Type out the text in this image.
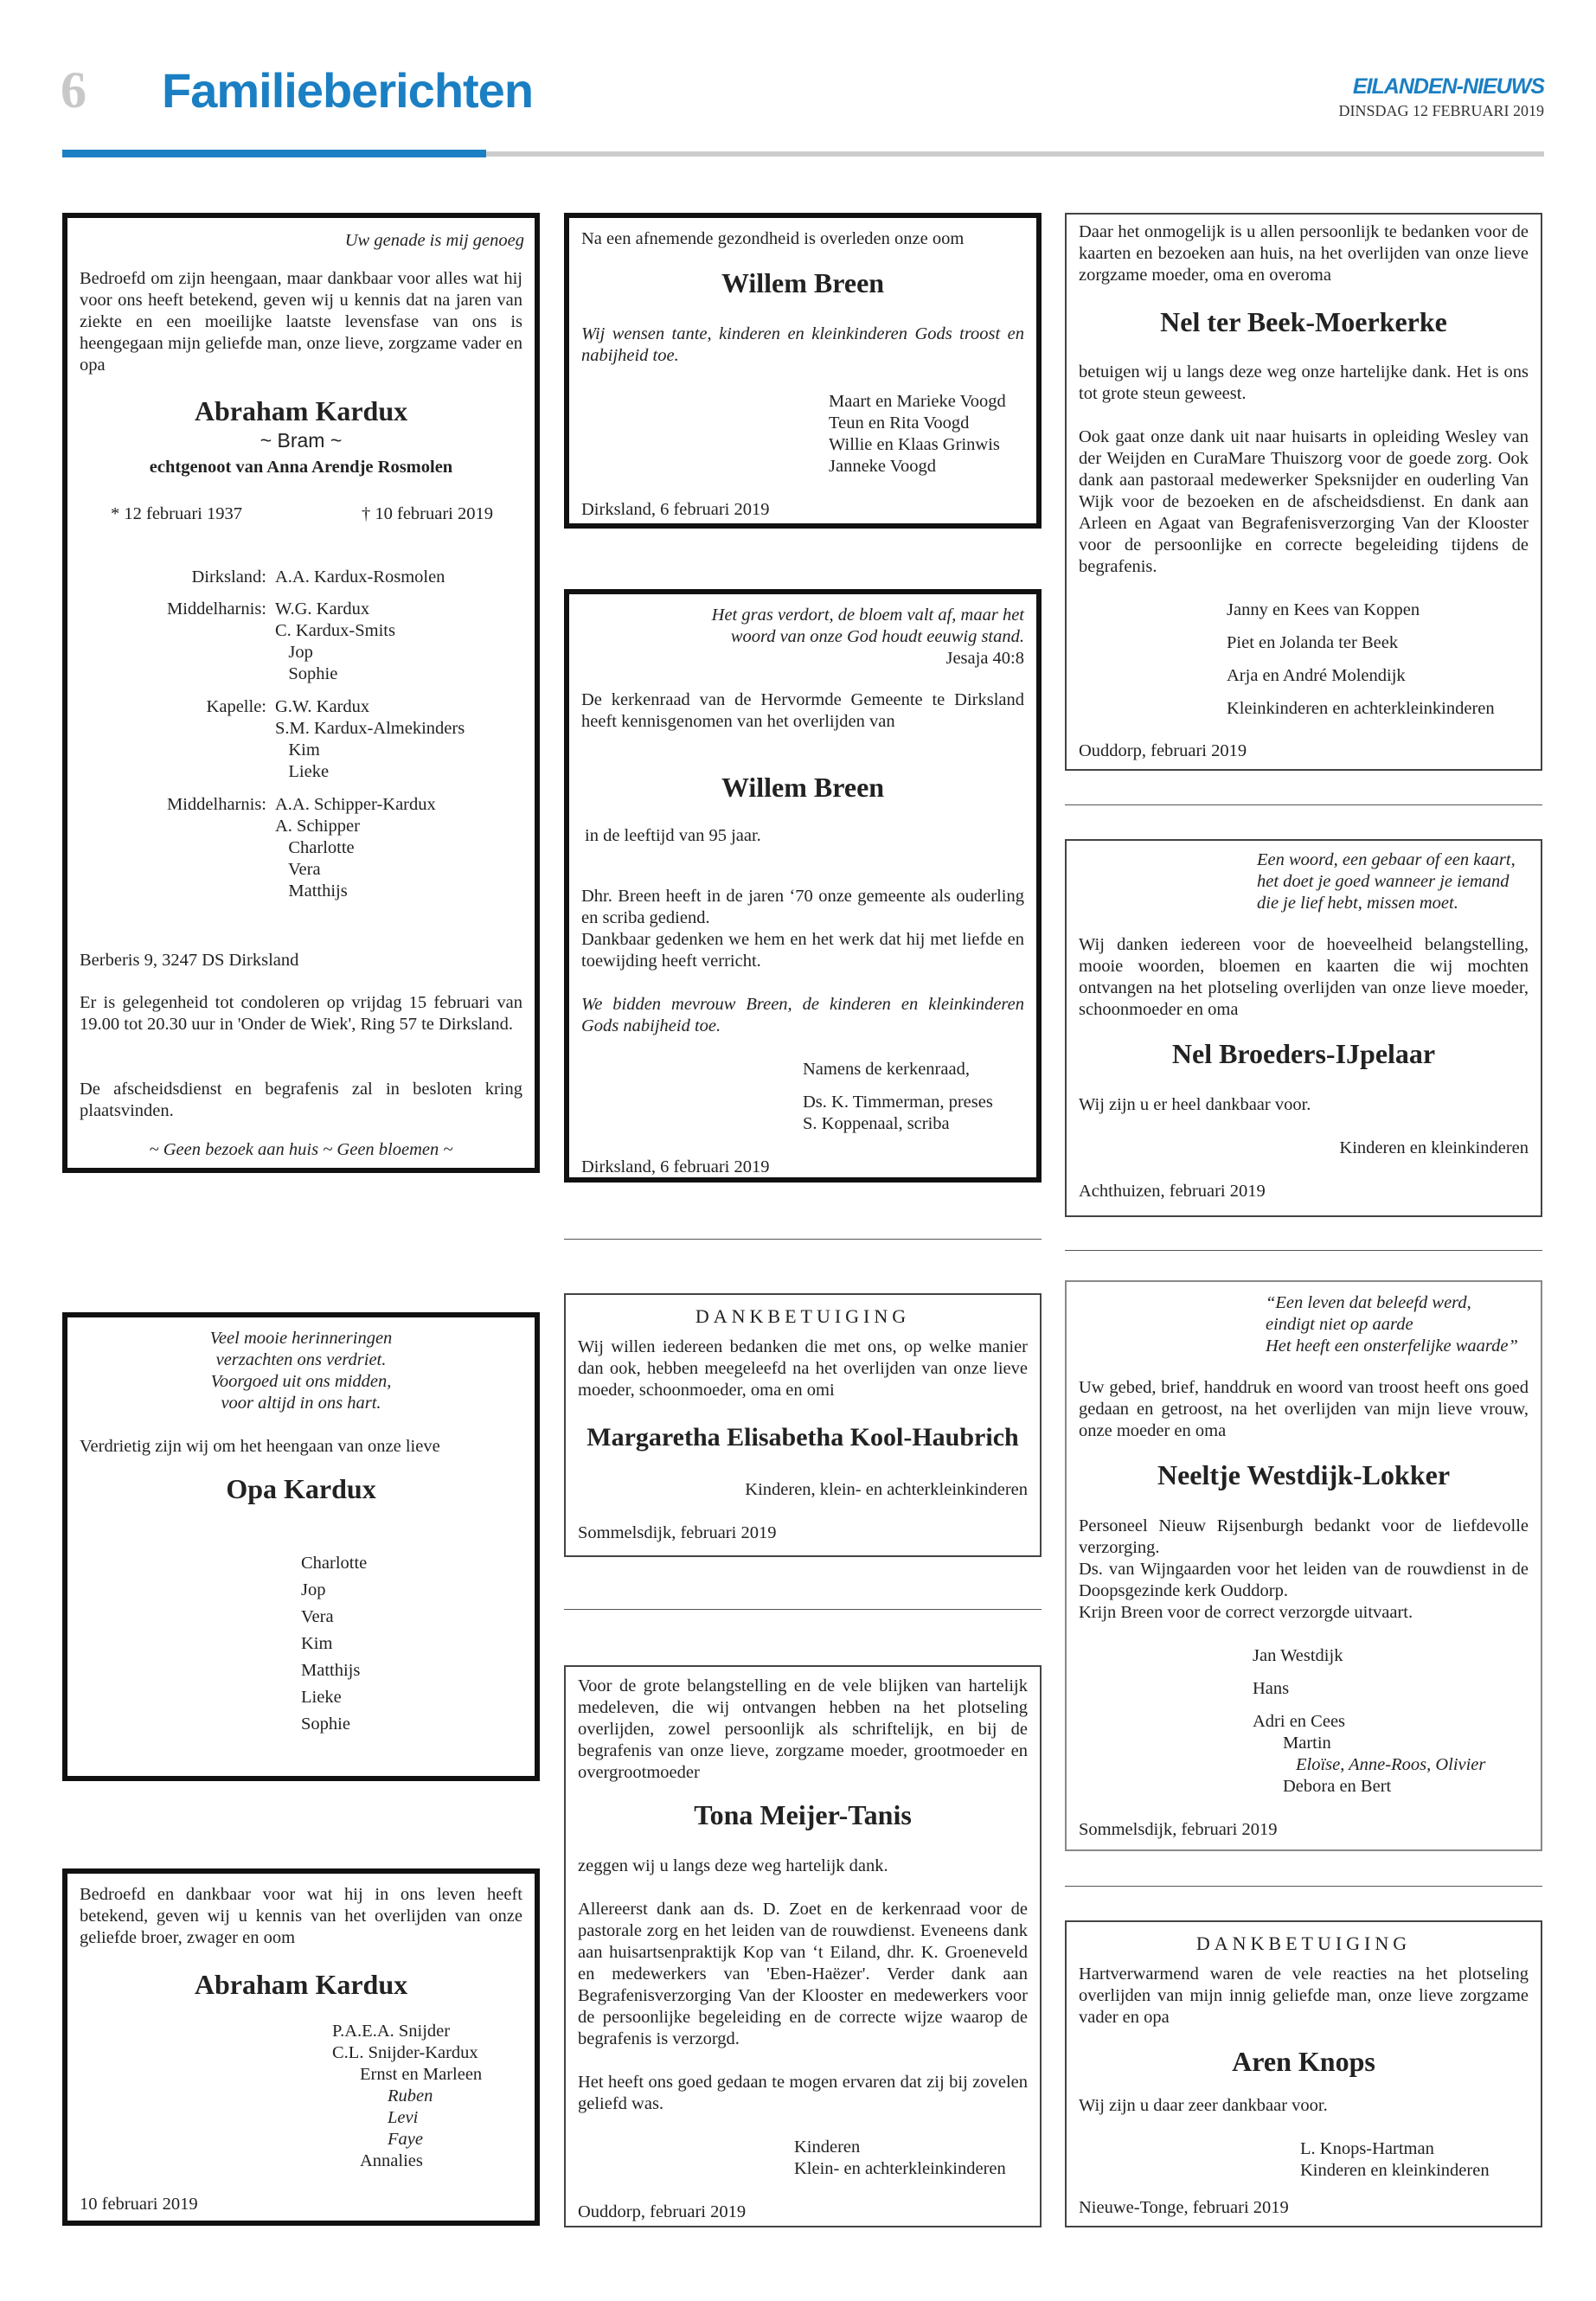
6 Familieberichten	EILANDEN-NIEUWS
DINSDAG 12 FEBRUARI 2019
Uw genade is mij genoeg
Bedroefd om zijn heengaan, maar dankbaar voor alles wat hij voor ons heeft betekend, geven wij u kennis dat na jaren van ziekte en een moeilijke laatste levensfase van ons is heengegaan mijn geliefde man, onze lieve, zorgzame vader en opa
Abraham Kardux
~ Bram ~
echtgenoot van Anna Arendje Rosmolen
* 12 februari 1937	† 10 februari 2019
Dirksland: A.A. Kardux-Rosmolen
Middelharnis: W.G. Kardux
C. Kardux-Smits
Jop
Sophie
Kapelle: G.W. Kardux
S.M. Kardux-Almekinders
Kim
Lieke
Middelharnis: A.A. Schipper-Kardux
A. Schipper
Charlotte
Vera
Matthijs
Berberis 9, 3247 DS Dirksland
Er is gelegenheid tot condoleren op vrijdag 15 februari van 19.00 tot 20.30 uur in 'Onder de Wiek', Ring 57 te Dirksland.
De afscheidsdienst en begrafenis zal in besloten kring plaatsvinden.
~ Geen bezoek aan huis ~ Geen bloemen ~
Veel mooie herinneringen
verzachten ons verdriet.
Voorgoed uit ons midden,
voor altijd in ons hart.
Verdrietig zijn wij om het heengaan van onze lieve
Opa Kardux
Charlotte
Jop
Vera
Kim
Matthijs
Lieke
Sophie
Bedroefd en dankbaar voor wat hij in ons leven heeft betekend, geven wij u kennis van het overlijden van onze geliefde broer, zwager en oom
Abraham Kardux
P.A.E.A. Snijder
C.L. Snijder-Kardux
Ernst en Marleen
Ruben
Levi
Faye
Annalies
10 februari 2019
Na een afnemende gezondheid is overleden onze oom
Willem Breen
Wij wensen tante, kinderen en kleinkinderen Gods troost en nabijheid toe.
Maart en Marieke Voogd
Teun en Rita Voogd
Willie en Klaas Grinwis
Janneke Voogd
Dirksland, 6 februari 2019
Het gras verdort, de bloem valt af, maar het
woord van onze God houdt eeuwig stand.
Jesaja 40:8
De kerkenraad van de Hervormde Gemeente te Dirksland heeft kennisgenomen van het overlijden van
Willem Breen
in de leeftijd van 95 jaar.
Dhr. Breen heeft in de jaren ‘70 onze gemeente als ouderling en scriba gediend.
Dankbaar gedenken we hem en het werk dat hij met liefde en toewijding heeft verricht.
We bidden mevrouw Breen, de kinderen en kleinkinderen Gods nabijheid toe.
Namens de kerkenraad,
Ds. K. Timmerman, preses
S. Koppenaal, scriba
Dirksland, 6 februari 2019
DANKBETUIGING
Wij willen iedereen bedanken die met ons, op welke manier dan ook, hebben meegeleefd na het overlijden van onze lieve moeder, schoonmoeder, oma en omi
Margaretha Elisabetha Kool-Haubrich
Kinderen, klein- en achterkleinkinderen
Sommelsdijk, februari 2019
Voor de grote belangstelling en de vele blijken van hartelijk medeleven, die wij ontvangen hebben na het plotseling overlijden, zowel persoonlijk als schriftelijk, en bij de begrafenis van onze lieve, zorgzame moeder, grootmoeder en overgrootmoeder
Tona Meijer-Tanis
zeggen wij u langs deze weg hartelijk dank.
Allereerst dank aan ds. D. Zoet en de kerkenraad voor de pastorale zorg en het leiden van de rouwdienst. Eveneens dank aan huisartsenpraktijk Kop van ‘t Eiland, dhr. K. Groeneveld en medewerkers van 'Eben-Haëzer'. Verder dank aan Begrafenisverzorging Van der Klooster en medewerkers voor de persoonlijke begeleiding en de correcte wijze waarop de begrafenis is verzorgd.
Het heeft ons goed gedaan te mogen ervaren dat zij bij zovelen geliefd was.
Kinderen
Klein- en achterkleinkinderen
Ouddorp, februari 2019
Daar het onmogelijk is u allen persoonlijk te bedanken voor de kaarten en bezoeken aan huis, na het overlijden van onze lieve zorgzame moeder, oma en overoma
Nel ter Beek-Moerkerke
betuigen wij u langs deze weg onze hartelijke dank. Het is ons tot grote steun geweest.
Ook gaat onze dank uit naar huisarts in opleiding Wesley van der Weijden en CuraMare Thuiszorg voor de goede zorg. Ook dank aan pastoraal medewerker Speksnijder en ouderling Van Wijk voor de bezoeken en de afscheidsdienst. En dank aan Arleen en Agaat van Begrafenisverzorging Van der Klooster voor de persoonlijke en correcte begeleiding tijdens de begrafenis.
Janny en Kees van Koppen
Piet en Jolanda ter Beek
Arja en André Molendijk
Kleinkinderen en achterkleinkinderen
Ouddorp, februari 2019
Een woord, een gebaar of een kaart,
het doet je goed wanneer je iemand
die je lief hebt, missen moet.
Wij danken iedereen voor de hoeveelheid belangstelling, mooie woorden, bloemen en kaarten die wij mochten ontvangen na het plotseling overlijden van onze lieve moeder, schoonmoeder en oma
Nel Broeders-IJpelaar
Wij zijn u er heel dankbaar voor.
Kinderen en kleinkinderen
Achthuizen, februari 2019
“Een leven dat beleefd werd,
eindigt niet op aarde
Het heeft een onsterfelijke waarde”
Uw gebed, brief, handdruk en woord van troost heeft ons goed gedaan en getroost, na het overlijden van mijn lieve vrouw, onze moeder en oma
Neeltje Westdijk-Lokker
Personeel Nieuw Rijsenburgh bedankt voor de liefdevolle verzorging.
Ds. van Wijngaarden voor het leiden van de rouwdienst in de Doopsgezinde kerk Ouddorp.
Krijn Breen voor de correct verzorgde uitvaart.
Jan Westdijk
Hans
Adri en Cees
Martin
Eloïse, Anne-Roos, Olivier
Debora en Bert
Sommelsdijk, februari 2019
DANKBETUIGING
Hartverwarmend waren de vele reacties na het plotseling overlijden van mijn innig geliefde man, onze lieve zorgzame vader en opa
Aren Knops
Wij zijn u daar zeer dankbaar voor.
L. Knops-Hartman
Kinderen en kleinkinderen
Nieuwe-Tonge, februari 2019
